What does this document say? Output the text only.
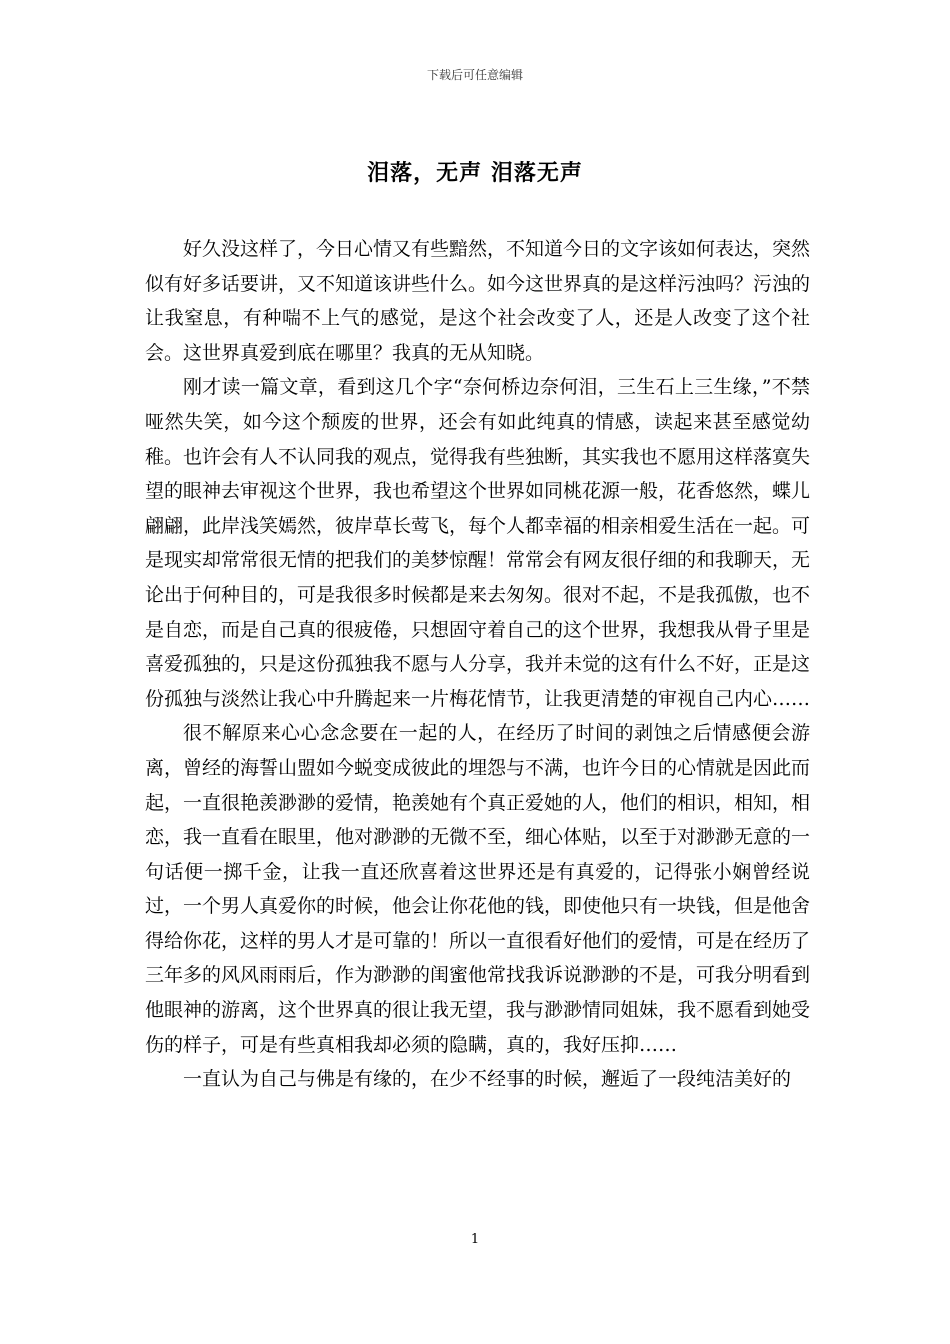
下载后可任意编辑
泪落，无声 泪落无声

好久没这样了，今日心情又有些黯然，不知道今日的文字该如何表达，突然似有好多话要讲，又不知道该讲些什么。如今这世界真的是这样污浊吗？污浊的让我窒息，有种喘不上气的感觉，是这个社会改变了人，还是人改变了这个社会。这世界真爱到底在哪里？我真的无从知晓。

刚才读一篇文章，看到这几个字“奈何桥边奈何泪，三生石上三生缘，”不禁哑然失笑，如今这个颓废的世界，还会有如此纯真的情感，读起来甚至感觉幼稚。也许会有人不认同我的观点，觉得我有些独断，其实我也不愿用这样落寞失望的眼神去审视这个世界，我也希望这个世界如同桃花源一般，花香悠然，蝶儿翩翩，此岸浅笑嫣然，彼岸草长莺飞，每个人都幸福的相亲相爱生活在一起。可是现实却常常很无情的把我们的美梦惊醒！常常会有网友很仔细的和我聊天，无论出于何种目的，可是我很多时候都是来去匆匆。很对不起，不是我孤傲，也不是自恋，而是自己真的很疲倦，只想固守着自己的这个世界，我想我从骨子里是喜爱孤独的，只是这份孤独我不愿与人分享，我并未觉的这有什么不好，正是这份孤独与淡然让我心中升腾起来一片梅花情节，让我更清楚的审视自己内心……

很不解原来心心念念要在一起的人，在经历了时间的剥蚀之后情感便会游离，曾经的海誓山盟如今蜕变成彼此的埋怨与不满，也许今日的心情就是因此而起，一直很艳羡渺渺的爱情，艳羡她有个真正爱她的人，他们的相识，相知，相恋，我一直看在眼里，他对渺渺的无微不至，细心体贴，以至于对渺渺无意的一句话便一掷千金，让我一直还欣喜着这世界还是有真爱的，记得张小娴曾经说过，一个男人真爱你的时候，他会让你花他的钱，即使他只有一块钱，但是他舍得给你花，这样的男人才是可靠的！所以一直很看好他们的爱情，可是在经历了三年多的风风雨雨后，作为渺渺的闺蜜他常找我诉说渺渺的不是，可我分明看到他眼神的游离，这个世界真的很让我无望，我与渺渺情同姐妹，我不愿看到她受伤的样子，可是有些真相我却必须的隐瞒，真的，我好压抑……

一直认为自己与佛是有缘的，在少不经事的时候，邂逅了一段纯洁美好的

1
